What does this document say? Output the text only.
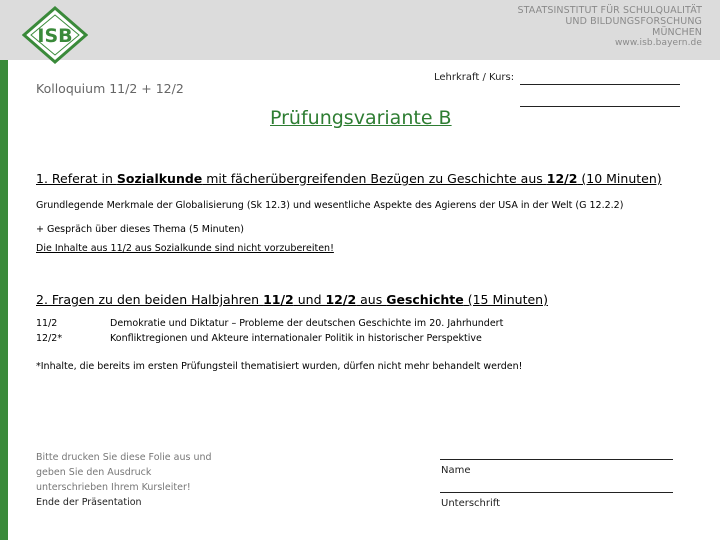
ISB
STAATSINSTITUT FÜR SCHULQUALITÄT
UND BILDUNGSFORSCHUNG
MÜNCHEN
www.isb.bayern.de
Kolloquium 11/2 + 12/2
Lehrkraft / Kurs:
Prüfungsvariante B
1. Referat in Sozialkunde mit fächerübergreifenden Bezügen zu Geschichte aus 12/2 (10 Minuten)
Grundlegende Merkmale der Globalisierung (Sk 12.3) und wesentliche Aspekte des Agierens der USA in der Welt (G 12.2.2)
+ Gespräch über dieses Thema (5 Minuten)
Die Inhalte aus 11/2 aus Sozialkunde sind nicht vorzubereiten!
2. Fragen zu den beiden Halbjahren 11/2 und 12/2 aus Geschichte (15 Minuten)
11/2	Demokratie und Diktatur – Probleme der deutschen Geschichte im 20. Jahrhundert
12/2*	Konfliktregionen und Akteure internationaler Politik in historischer Perspektive
*Inhalte, die bereits im ersten Prüfungsteil thematisiert wurden, dürfen nicht mehr behandelt werden!
Bitte drucken Sie diese Folie aus und
geben Sie den Ausdruck
unterschrieben Ihrem Kursleiter!
Ende der Präsentation
Name
Unterschrift
